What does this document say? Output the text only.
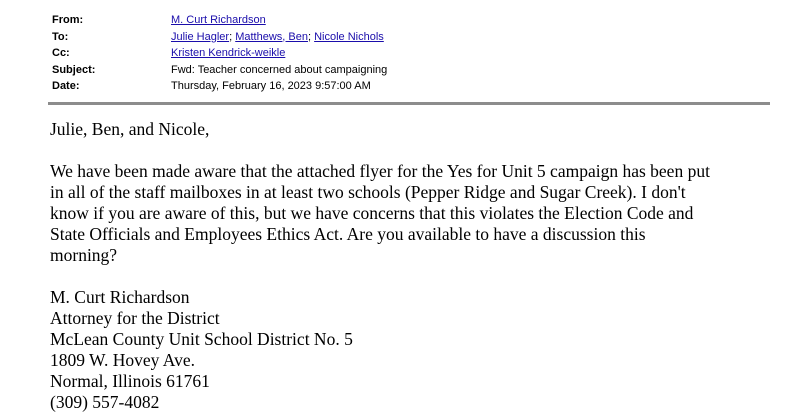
From:	M. Curt Richardson
To:	Julie Hagler; Matthews, Ben; Nicole Nichols
Cc:	Kristen Kendrick-weikle
Subject:	Fwd: Teacher concerned about campaigning
Date:	Thursday, February 16, 2023 9:57:00 AM

Julie, Ben, and Nicole,

We have been made aware that the attached flyer for the Yes for Unit 5 campaign has been put
in all of the staff mailboxes in at least two schools (Pepper Ridge and Sugar Creek). I don't
know if you are aware of this, but we have concerns that this violates the Election Code and
State Officials and Employees Ethics Act. Are you available to have a discussion this
morning?

M. Curt Richardson
Attorney for the District
McLean County Unit School District No. 5
1809 W. Hovey Ave.
Normal, Illinois 61761
(309) 557-4082
